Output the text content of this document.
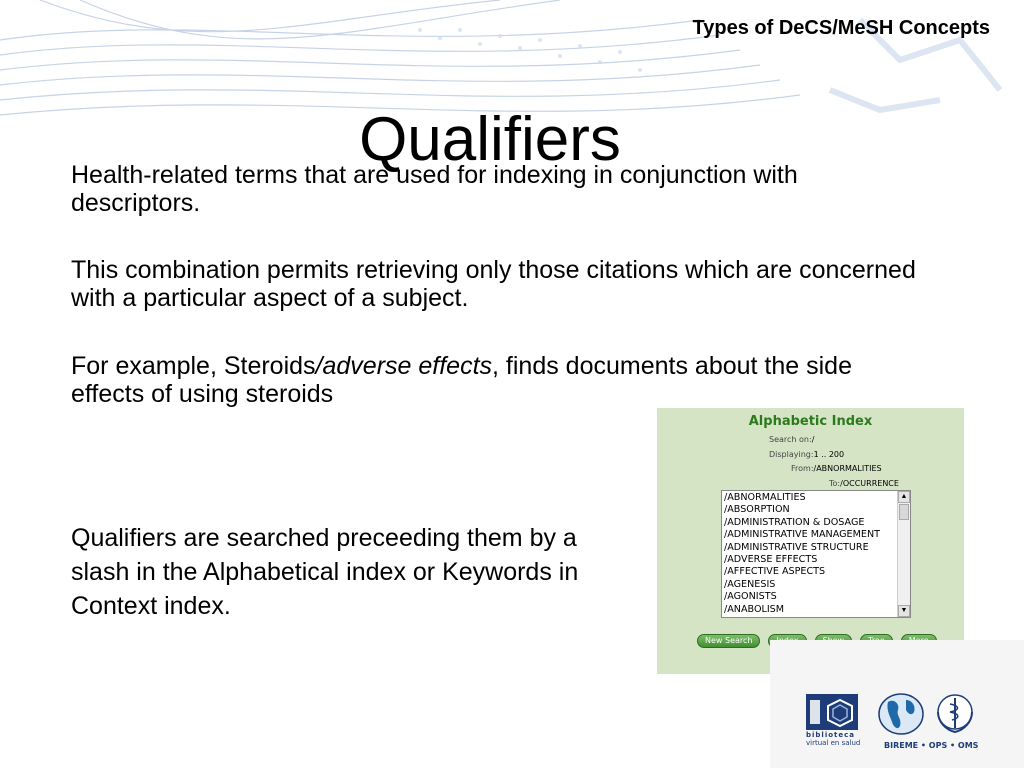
Types of DeCS/MeSH Concepts
Qualifiers
Health-related terms that are used for indexing in conjunction with descriptors.
This combination permits retrieving only those citations which are concerned with a particular aspect of a subject.
For example, Steroids/adverse effects, finds documents about the side effects of using steroids
Qualifiers are searched preceeding them by a slash in the Alphabetical index or Keywords in Context index.
Alphabetic Index
Search on:/
Displaying:1 .. 200
From:/ABNORMALITIES
To:/OCCURRENCE
/ABNORMALITIES
/ABSORPTION
/ADMINISTRATION & DOSAGE
/ADMINISTRATIVE MANAGEMENT
/ADMINISTRATIVE STRUCTURE
/ADVERSE EFFECTS
/AFFECTIVE ASPECTS
/AGENESIS
/AGONISTS
/ANABOLISM
▲
▼
New Search
biblioteca
virtual en salud	BIREME • OPS • OMS
